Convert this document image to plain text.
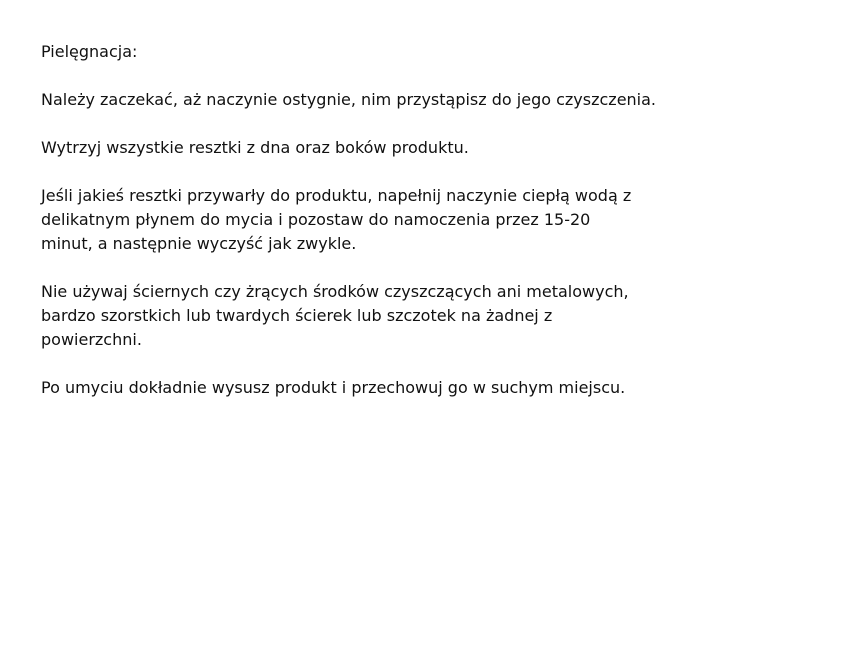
Pielęgnacja:

Należy zaczekać, aż naczynie ostygnie, nim przystąpisz do jego czyszczenia.

Wytrzyj wszystkie resztki z dna oraz boków produktu.

Jeśli jakieś resztki przywarły do produktu, napełnij naczynie ciepłą wodą z
delikatnym płynem do mycia i pozostaw do namoczenia przez 15-20
minut, a następnie wyczyść jak zwykle.

Nie używaj ściernych czy żrących środków czyszczących ani metalowych,
bardzo szorstkich lub twardych ścierek lub szczotek na żadnej z
powierzchni.

Po umyciu dokładnie wysusz produkt i przechowuj go w suchym miejscu.
